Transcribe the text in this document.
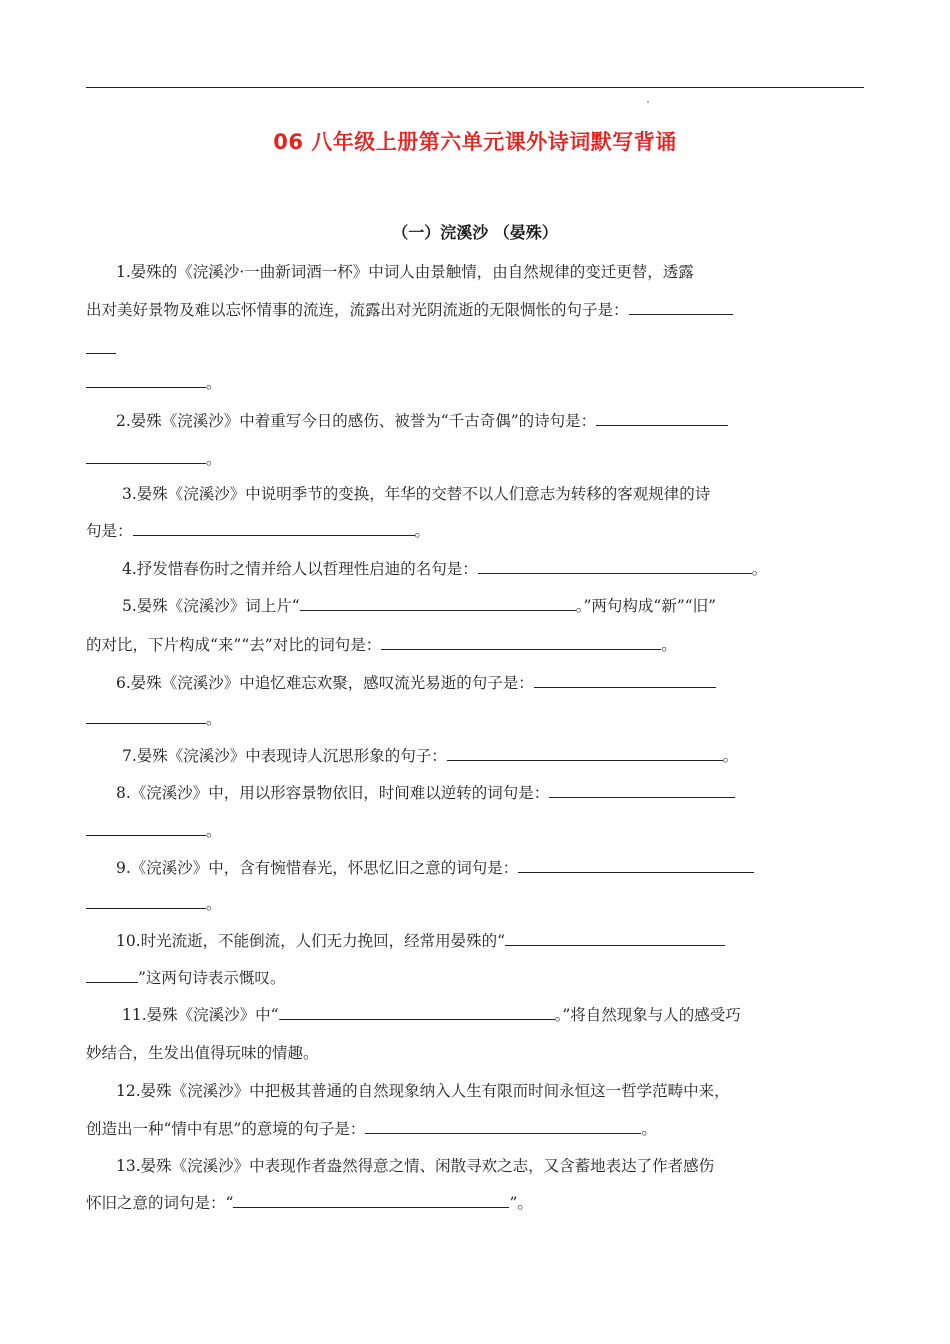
06 八年级上册第六单元课外诗词默写背诵
（一）浣溪沙 （晏殊）
1.晏殊的《浣溪沙·一曲新词酒一杯》中词人由景触情，由自然规律的变迁更替，透露
出对美好景物及难以忘怀情事的流连，流露出对光阴流逝的无限惆怅的句子是：
。
2.晏殊《浣溪沙》中着重写今日的感伤、被誉为“千古奇偶”的诗句是：
。
3.晏殊《浣溪沙》中说明季节的变换，年华的交替不以人们意志为转移的客观规律的诗
句是：	。
4.抒发惜春伤时之情并给人以哲理性启迪的名句是：	。
5.晏殊《浣溪沙》词上片“	。”两句构成“新”“旧”
的对比，下片构成“来”“去”对比的词句是：	。
6.晏殊《浣溪沙》中追忆难忘欢聚，感叹流光易逝的句子是：
。
7.晏殊《浣溪沙》中表现诗人沉思形象的句子：	。
8.《浣溪沙》中，用以形容景物依旧，时间难以逆转的词句是：
。
9.《浣溪沙》中，含有惋惜春光，怀思忆旧之意的词句是：
。
10.时光流逝，不能倒流，人们无力挽回，经常用晏殊的“
”这两句诗表示慨叹。
11.晏殊《浣溪沙》中“	。”将自然现象与人的感受巧
妙结合，生发出值得玩味的情趣。
12.晏殊《浣溪沙》中把极其普通的自然现象纳入人生有限而时间永恒这一哲学范畴中来，
创造出一种“情中有思”的意境的句子是：	。
13.晏殊《浣溪沙》中表现作者盎然得意之情、闲散寻欢之志，又含蓄地表达了作者感伤
怀旧之意的词句是：“	”。
